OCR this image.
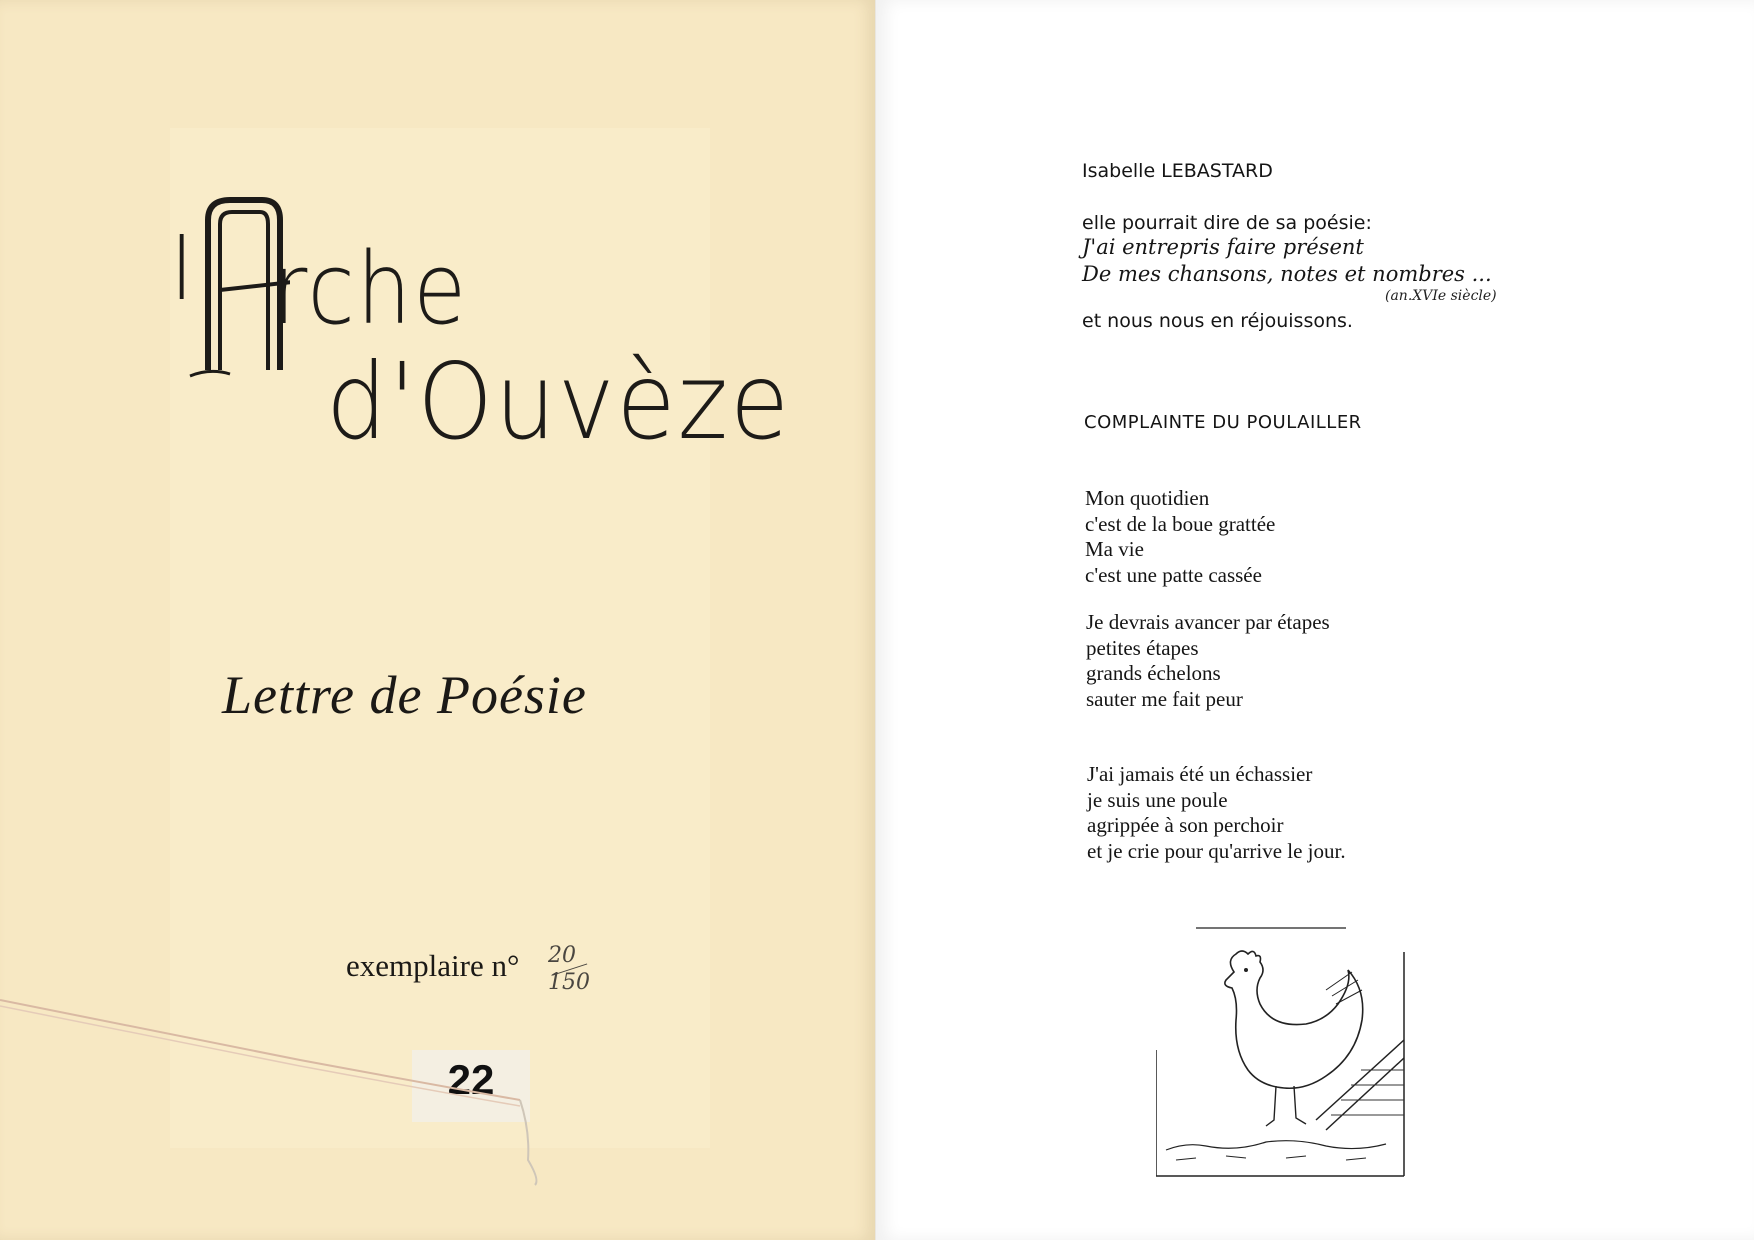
l' rche
d'Ouvèze
Lettre de Poésie
exemplaire n° 20
150
22
Isabelle LEBASTARD
elle pourrait dire de sa poésie:
J'ai entrepris faire présent
De mes chansons, notes et nombres ...
(an.XVIe siècle)
et nous nous en réjouissons.
COMPLAINTE DU POULAILLER
Mon quotidien
c'est de la boue grattée
Ma vie
c'est une patte cassée
Je devrais avancer par étapes
petites étapes
grands échelons
sauter me fait peur
J'ai jamais été un échassier
je suis une poule
agrippée à son perchoir
et je crie pour qu'arrive le jour.
